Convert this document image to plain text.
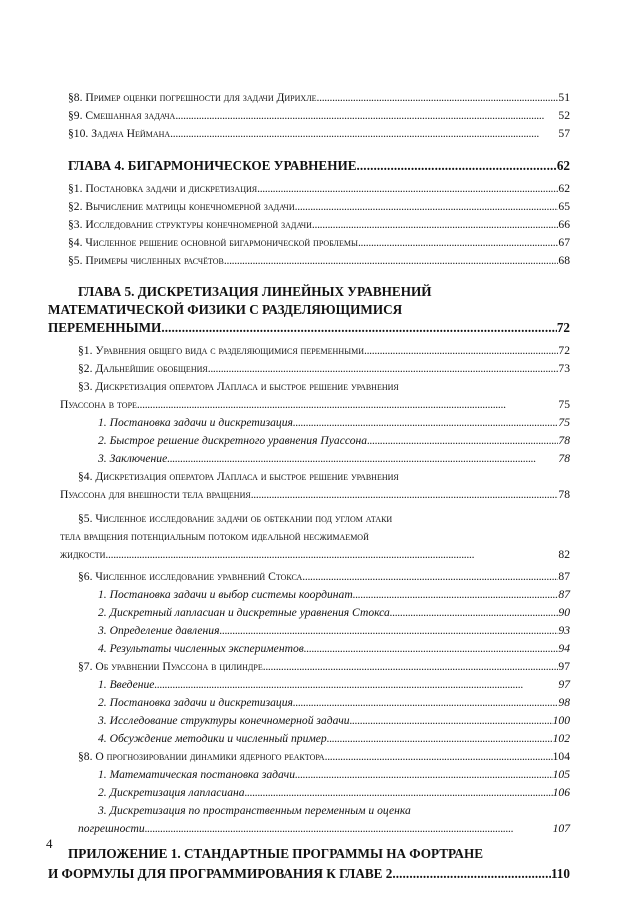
§8. Пример оценки погрешности для задачи Дирихле . . .	51
§9. Смешанная задача . . .	52
§10. Задача Неймана . . .	57
ГЛАВА 4. БИГАРМОНИЧЕСКОЕ УРАВНЕНИЕ . . .	62
§1. Постановка задачи и дискретизация . . .	62
§2. Вычисление матрицы конечномерной задачи . . .	65
§3. Исследование структуры конечномерной задачи . . .	66
§4. Численное решение основной бигармонической проблемы . . .	67
§5. Примеры численных расчётов . . .	68
ГЛАВА 5. ДИСКРЕТИЗАЦИЯ ЛИНЕЙНЫХ УРАВНЕНИЙ
МАТЕМАТИЧЕСКОЙ ФИЗИКИ С РАЗДЕЛЯЮЩИМИСЯ
ПЕРЕМЕННЫМИ . . .	72
§1. Уравнения общего вида с разделяющимися переменными . . .	72
§2. Дальнейшие обобщения . . .	73
§3. Дискретизация оператора Лапласа и быстрое решение уравнения
Пуассона в торе . . .	75
1. Постановка задачи и дискретизация . . .	75
2. Быстрое решение дискретного уравнения Пуассона . . .	78
3. Заключение . . .	78
§4. Дискретизация оператора Лапласа и быстрое решение уравнения
Пуассона для внешности тела вращения . . .	78
§5. Численное исследование задачи об обтекании под углом атаки
тела вращения потенциальным потоком идеальной несжимаемой
жидкости . . .	82
§6. Численное исследование уравнений Стокса . . .	87
1. Постановка задачи и выбор системы координат . . .	87
2. Дискретный лапласиан и дискретные уравнения Стокса . . .	90
3. Определение давления . . .	93
4. Результаты численных экспериментов . . .	94
§7. Об уравнении Пуассона в цилиндре . . .	97
1. Введение . . .	97
2. Постановка задачи и дискретизация . . .	98
3. Исследование структуры конечномерной задачи . . .	100
4. Обсуждение методики и численный пример . . .	102
§8. О прогнозировании динамики ядерного реактора . . .	104
1. Математическая постановка задачи . . .	105
2. Дискретизация лапласиана . . .	106
3. Дискретизация по пространственным переменным и оценка
погрешности . . .	107
ПРИЛОЖЕНИЕ 1. СТАНДАРТНЫЕ ПРОГРАММЫ НА ФОРТРАНЕ
И ФОРМУЛЫ ДЛЯ ПРОГРАММИРОВАНИЯ К ГЛАВЕ 2 . . .	110
4
